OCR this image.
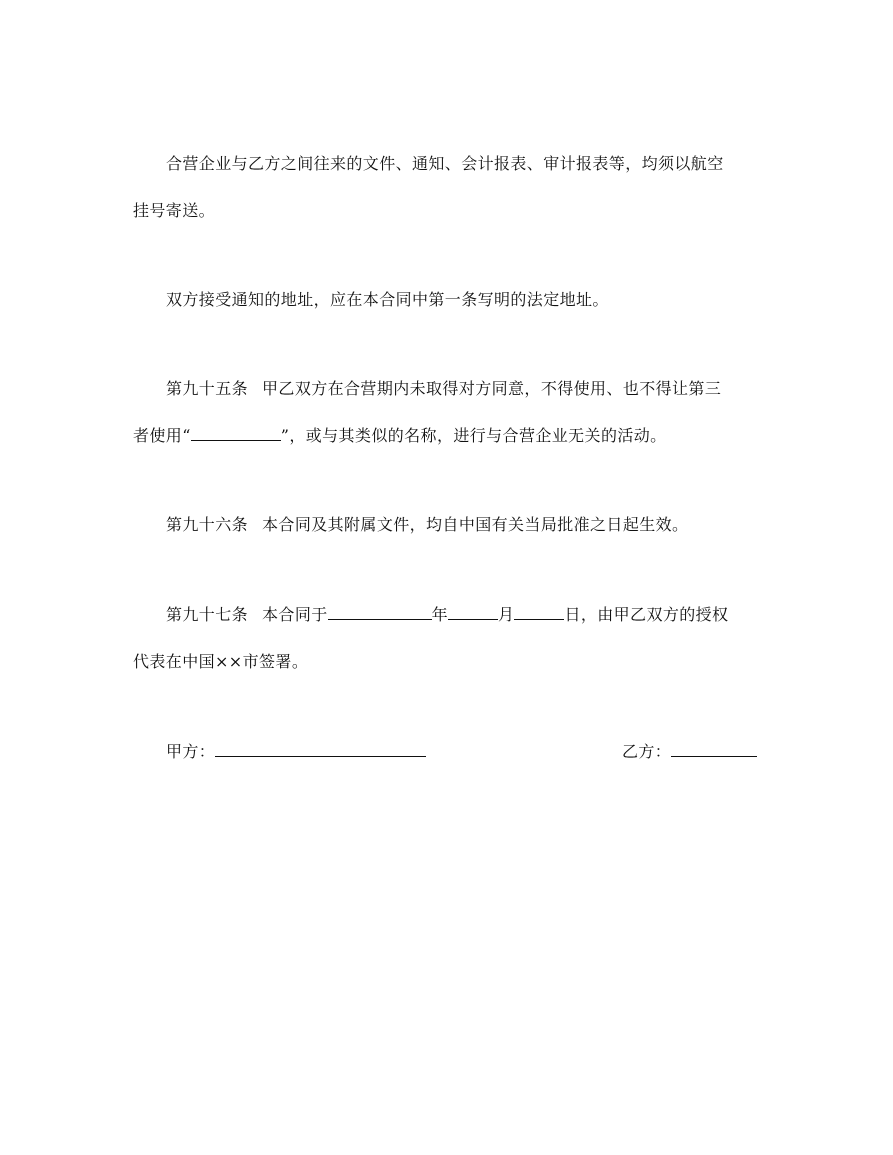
合营企业与乙方之间往来的文件、通知、会计报表、审计报表等，均须以航空
挂号寄送。
双方接受通知的地址，应在本合同中第一条写明的法定地址。
第九十五条 甲乙双方在合营期内未取得对方同意，不得使用、也不得让第三
者使用“	”，或与其类似的名称，进行与合营企业无关的活动。
第九十六条 本合同及其附属文件，均自中国有关当局批准之日起生效。
第九十七条 本合同于	年	月	日，由甲乙双方的授权
代表在中国××市签署。
甲方：	乙方：
